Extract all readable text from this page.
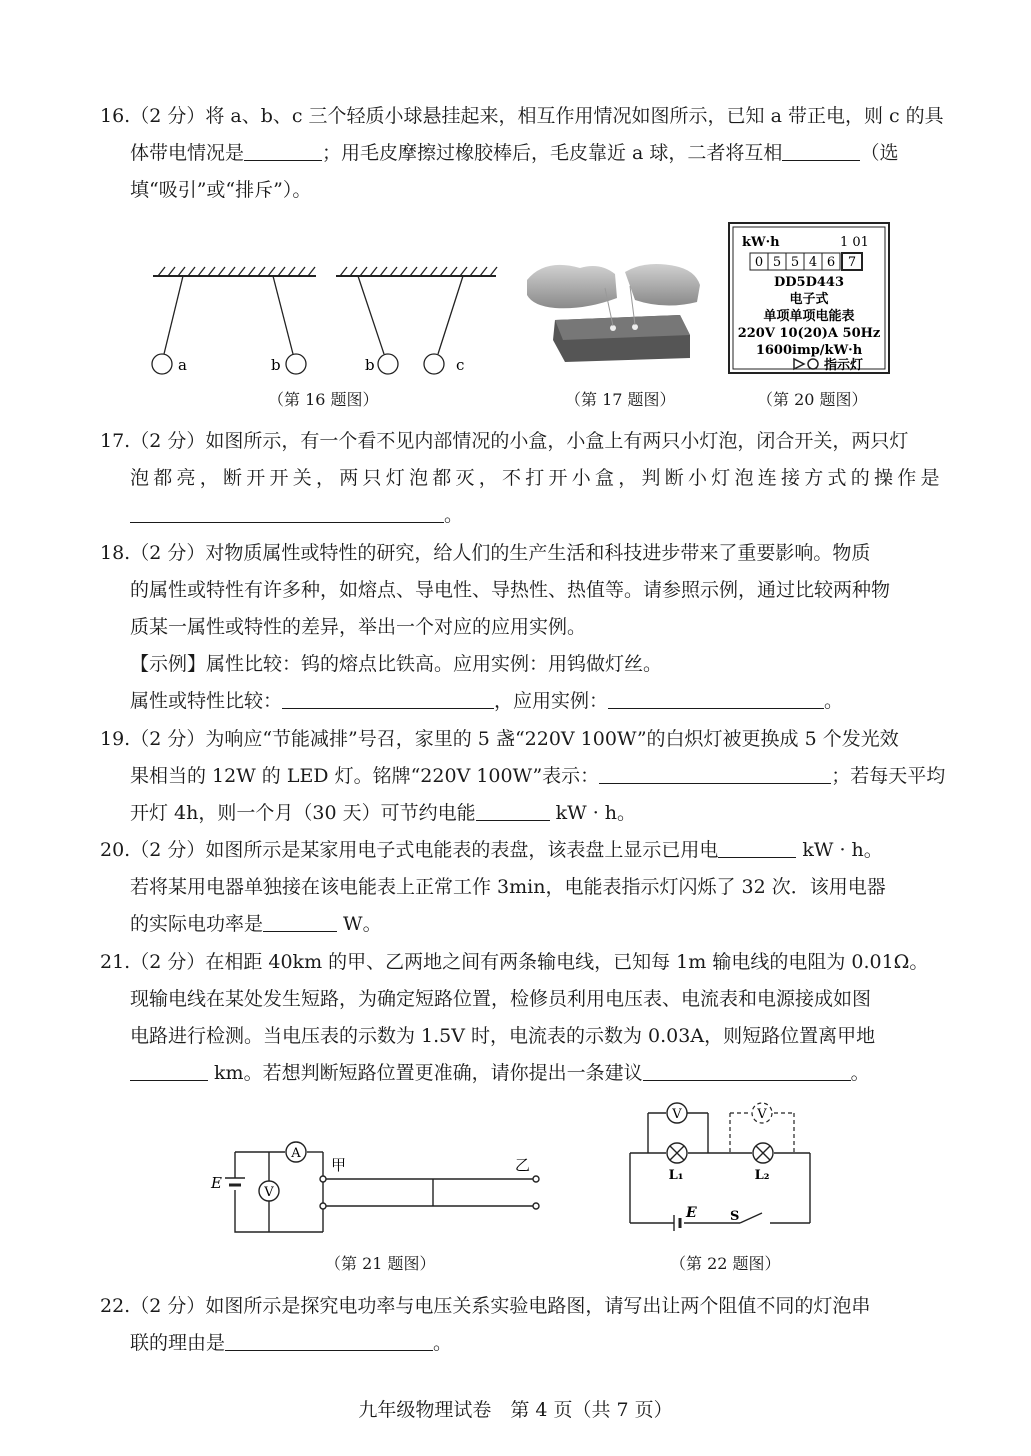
16.（2 分）将 a、b、c 三个轻质小球悬挂起来，相互作用情况如图所示，已知 a 带正电，则 c 的具
体带电情况是	；用毛皮摩擦过橡胶棒后，毛皮靠近 a 球，二者将互相	（选
填“吸引”或“排斥”）。
a	b	b	c
（第 16 题图）	（第 17 题图）
kW·h	1 01
0 5 5 4 6 7
DD5D443
电子式
单项单项电能表
220V 10(20)A 50Hz
1600imp/kW·h
指示灯
（第 20 题图）
17.（2 分）如图所示，有一个看不见内部情况的小盒，小盒上有两只小灯泡，闭合开关，两只灯
泡 都 亮 ， 断 开 开 关 ， 两 只 灯 泡 都 灭 ， 不 打 开 小 盒 ， 判 断 小 灯 泡 连 接 方 式 的 操 作 是
。
18.（2 分）对物质属性或特性的研究，给人们的生产生活和科技进步带来了重要影响。物质
的属性或特性有许多种，如熔点、导电性、导热性、热值等。请参照示例，通过比较两种物
质某一属性或特性的差异，举出一个对应的应用实例。
【示例】属性比较：钨的熔点比铁高。应用实例：用钨做灯丝。
属性或特性比较：	，应用实例：	。
19.（2 分）为响应“节能减排”号召，家里的 5 盏“220V 100W”的白炽灯被更换成 5 个发光效
果相当的 12W 的 LED 灯。铭牌“220V 100W”表示：	；若每天平均
开灯 4h，则一个月（30 天）可节约电能	kW · h。
20.（2 分）如图所示是某家用电子式电能表的表盘，该表盘上显示已用电	kW · h。
若将某用电器单独接在该电能表上正常工作 3min，电能表指示灯闪烁了 32 次．该用电器
的实际电功率是	W。
21.（2 分）在相距 40km 的甲、乙两地之间有两条输电线，已知每 1m 输电线的电阻为 0.01Ω。
现输电线在某处发生短路，为确定短路位置，检修员利用电压表、电流表和电源接成如图
电路进行检测。当电压表的示数为 1.5V 时，电流表的示数为 0.03A，则短路位置离甲地
km。若想判断短路位置更准确，请你提出一条建议	。
A
V
E
甲	乙
（第 21 题图）
V	V
L₁	L₂
E	S
（第 22 题图）
22.（2 分）如图所示是探究电功率与电压关系实验电路图，请写出让两个阻值不同的灯泡串
联的理由是	。
九年级物理试卷　第 4 页（共 7 页）
